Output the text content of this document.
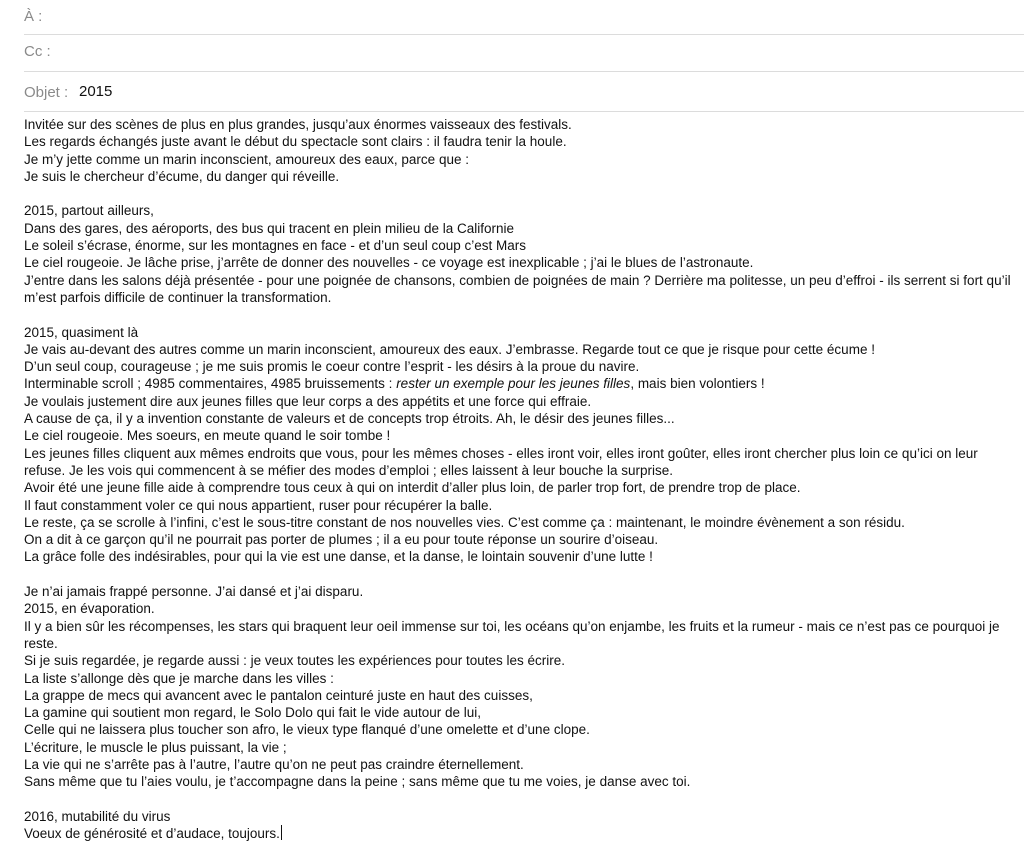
À :
Cc :
Objet : 2015
Invitée sur des scènes de plus en plus grandes, jusqu’aux énormes vaisseaux des festivals.
Les regards échangés juste avant le début du spectacle sont clairs : il faudra tenir la houle.
Je m’y jette comme un marin inconscient, amoureux des eaux, parce que :
Je suis le chercheur d’écume, du danger qui réveille.
2015, partout ailleurs,
Dans des gares, des aéroports, des bus qui tracent en plein milieu de la Californie
Le soleil s’écrase, énorme, sur les montagnes en face - et d’un seul coup c’est Mars
Le ciel rougeoie. Je lâche prise, j’arrête de donner des nouvelles - ce voyage est inexplicable ; j’ai le blues de l’astronaute.
J’entre dans les salons déjà présentée - pour une poignée de chansons, combien de poignées de main ? Derrière ma politesse, un peu d’effroi - ils serrent si fort qu’il m’est parfois difficile de continuer la transformation.
2015, quasiment là
Je vais au-devant des autres comme un marin inconscient, amoureux des eaux. J’embrasse. Regarde tout ce que je risque pour cette écume !
D’un seul coup, courageuse ; je me suis promis le coeur contre l’esprit - les désirs à la proue du navire.
Interminable scroll ; 4985 commentaires, 4985 bruissements : rester un exemple pour les jeunes filles, mais bien volontiers !
Je voulais justement dire aux jeunes filles que leur corps a des appétits et une force qui effraie.
A cause de ça, il y a invention constante de valeurs et de concepts trop étroits. Ah, le désir des jeunes filles...
Le ciel rougeoie. Mes soeurs, en meute quand le soir tombe !
Les jeunes filles cliquent aux mêmes endroits que vous, pour les mêmes choses - elles iront voir, elles iront goûter, elles iront chercher plus loin ce qu’ici on leur refuse. Je les vois qui commencent à se méfier des modes d’emploi ; elles laissent à leur bouche la surprise.
Avoir été une jeune fille aide à comprendre tous ceux à qui on interdit d’aller plus loin, de parler trop fort, de prendre trop de place.
Il faut constamment voler ce qui nous appartient, ruser pour récupérer la balle.
Le reste, ça se scrolle à l’infini, c’est le sous-titre constant de nos nouvelles vies. C’est comme ça : maintenant, le moindre évènement a son résidu.
On a dit à ce garçon qu’il ne pourrait pas porter de plumes ; il a eu pour toute réponse un sourire d’oiseau.
La grâce folle des indésirables, pour qui la vie est une danse, et la danse, le lointain souvenir d’une lutte !
Je n’ai jamais frappé personne. J’ai dansé et j’ai disparu.
2015, en évaporation.
Il y a bien sûr les récompenses, les stars qui braquent leur oeil immense sur toi, les océans qu’on enjambe, les fruits et la rumeur - mais ce n’est pas ce pourquoi je reste.
Si je suis regardée, je regarde aussi : je veux toutes les expériences pour toutes les écrire.
La liste s’allonge dès que je marche dans les villes :
La grappe de mecs qui avancent avec le pantalon ceinturé juste en haut des cuisses,
La gamine qui soutient mon regard, le Solo Dolo qui fait le vide autour de lui,
Celle qui ne laissera plus toucher son afro, le vieux type flanqué d’une omelette et d’une clope.
L’écriture, le muscle le plus puissant, la vie ;
La vie qui ne s’arrête pas à l’autre, l’autre qu’on ne peut pas craindre éternellement.
Sans même que tu l’aies voulu, je t’accompagne dans la peine ; sans même que tu me voies, je danse avec toi.
2016, mutabilité du virus
Voeux de générosité et d’audace, toujours.
